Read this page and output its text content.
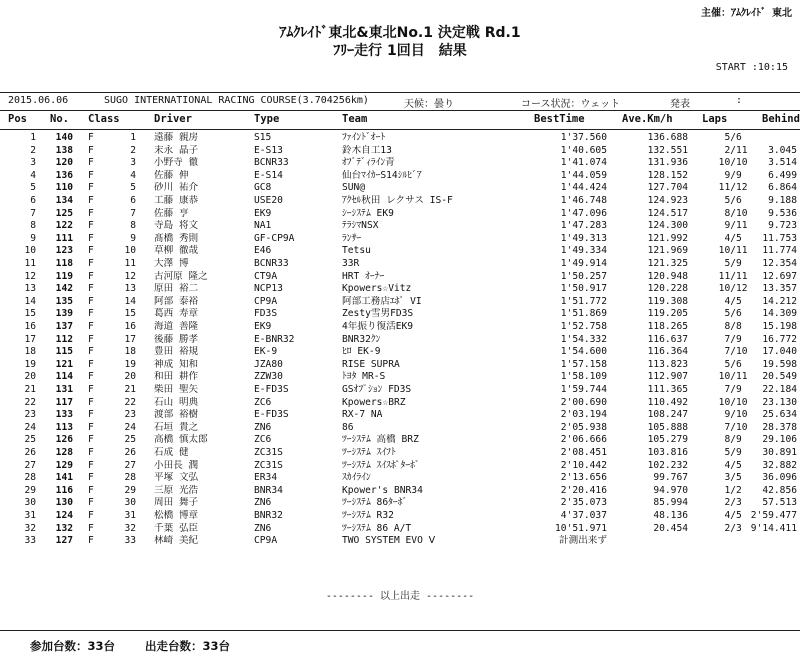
主催：ｱﾑｸﾚｲﾄﾞ 東北
ｱﾑｸﾚｲﾄﾞ東北&東北No.1 決定戦 Rd.1
ﾌﾘｰ走行 1回目　結果
START :10:15
2015.06.06	SUGO INTERNATIONAL RACING COURSE(3.704256km)	天候：曇り	コース状況：ウェット	発表	:
Pos No. Class	Driver	Type	Team	BestTime	Ave.Km/h	Laps	Behind
1	140 F	1 遠藤 親房	S15	ﾌｧｲﾝﾄﾞｵｰﾄ	1'37.560	136.688	5/ 6
2	138 F	2 末永 晶子	E-S13	鈴木自工13	1'40.605	132.551	2/ 11	3.045
3	120 F	3 小野寺 徹	BCNR33	ｵﾌﾞﾃﾞｨﾗｲﾝ青	1'41.074	131.936	10/ 10	3.514
4	136 F	4 佐藤 伸	E-S14	仙台ﾏｲｶｰS14ｼﾙﾋﾞｱ	1'44.059	128.152	9/ 9	6.499
5	110 F	5 砂川 祐介	GC8	SUN@	1'44.424	127.704	11/ 12	6.864
6	134 F	6 工藤 康恭	USE20	ｱｸｾﾙ秋田 レクサス IS-F	1'46.748	124.923	5/ 6	9.188
7	125 F	7 佐藤 亨	EK9	ｼｰｼｽﾃﾑ EK9	1'47.096	124.517	8/ 10	9.536
8	122 F	8 寺島 将文	NA1	ﾃﾗｼﾏNSX	1'47.283	124.300	9/ 11	9.723
9	111 F	9 髙橋 秀則	GF-CP9A	ﾗﾝｻｰ	1'49.313	121.992	4/ 5	11.753
10	123 F	10 草柳 徹哉	E46	Tetsu	1'49.334	121.969	10/ 11	11.774
11	118 F	11 大澤 博	BCNR33	33R	1'49.914	121.325	5/ 9	12.354
12	119 F	12 古河原 隆之	CT9A	HRT ｵｰﾅｰ	1'50.257	120.948	11/ 11	12.697
13	142 F	13 原田 裕二	NCP13	Kpowers☆Vitz	1'50.917	120.228	10/ 12	13.357
14	135 F	14 阿部 泰裕	CP9A	阿部工務店ｴﾎﾞ VI	1'51.772	119.308	4/ 5	14.212
15	139 F	15 葛西 寿章	FD3S	Zesty雪男FD3S	1'51.869	119.205	5/ 6	14.309
16	137 F	16 海道 善隆	EK9	4年振り復活EK9	1'52.758	118.265	8/ 8	15.198
17	112 F	17 後藤 勝孝	E-BNR32	BNR32ｸﾝ	1'54.332	116.637	7/ 9	16.772
18	115 F	18 豊田 裕規	EK-9	ﾋﾛ EK-9	1'54.600	116.364	7/ 10	17.040
19	121 F	19 神成 知和	JZA80	RISE SUPRA	1'57.158	113.823	5/ 6	19.598
20	114 F	20 和田 耕作	ZZW30	ﾄﾖﾀ MR-S	1'58.109	112.907	10/ 11	20.549
21	131 F	21 柴田 聖矢	E-FD3S	GSｵﾌﾟｼｮﾝ FD3S	1'59.744	111.365	7/ 9	22.184
22	117 F	22 石山 明典	ZC6	Kpowers☆BRZ	2'00.690	110.492	10/ 10	23.130
23	133 F	23 渡部 裕樹	E-FD3S	RX-7 NA	2'03.194	108.247	9/ 10	25.634
24	113 F	24 石垣 貴之	ZN6	86	2'05.938	105.888	7/ 10	28.378
25	126 F	25 高橋 慎太郎	ZC6	ﾂｰｼｽﾃﾑ 高橋 BRZ	2'06.666	105.279	8/ 9	29.106
26	128 F	26 石成 健	ZC31S	ﾂｰｼｽﾃﾑ ｽｲﾌﾄ	2'08.451	103.816	5/ 9	30.891
27	129 F	27 小田長 潤	ZC31S	ﾂｰｼｽﾃﾑ ｽｲｽﾎﾟﾀｰﾎﾞ	2'10.442	102.232	4/ 5	32.882
28	141 F	28 平塚 文弘	ER34	ｽｶｲﾗｲﾝ	2'13.656	99.767	3/ 5	36.096
29	116 F	29 三原 光浩	BNR34	Kpower's BNR34	2'20.416	94.970	1/ 2	42.856
30	130 F	30 周田 舞子	ZN6	ﾂｰｼｽﾃﾑ 86ﾀｰﾎﾞ	2'35.073	85.994	2/ 3	57.513
31	124 F	31 松橋 博章	BNR32	ﾂｰｼｽﾃﾑ R32	4'37.037	48.136	4/ 5 2'59.477
32	132 F	32 千葉 弘臣	ZN6	ﾂｰｼｽﾃﾑ 86 A/T	10'51.971	20.454	2/ 3 9'14.411
33	127 F	33 林崎 美紀	CP9A	TWO SYSTEM EVO Ⅴ	計測出来ず
-------- 以上出走 --------
参加台数：33台	出走台数：33台
